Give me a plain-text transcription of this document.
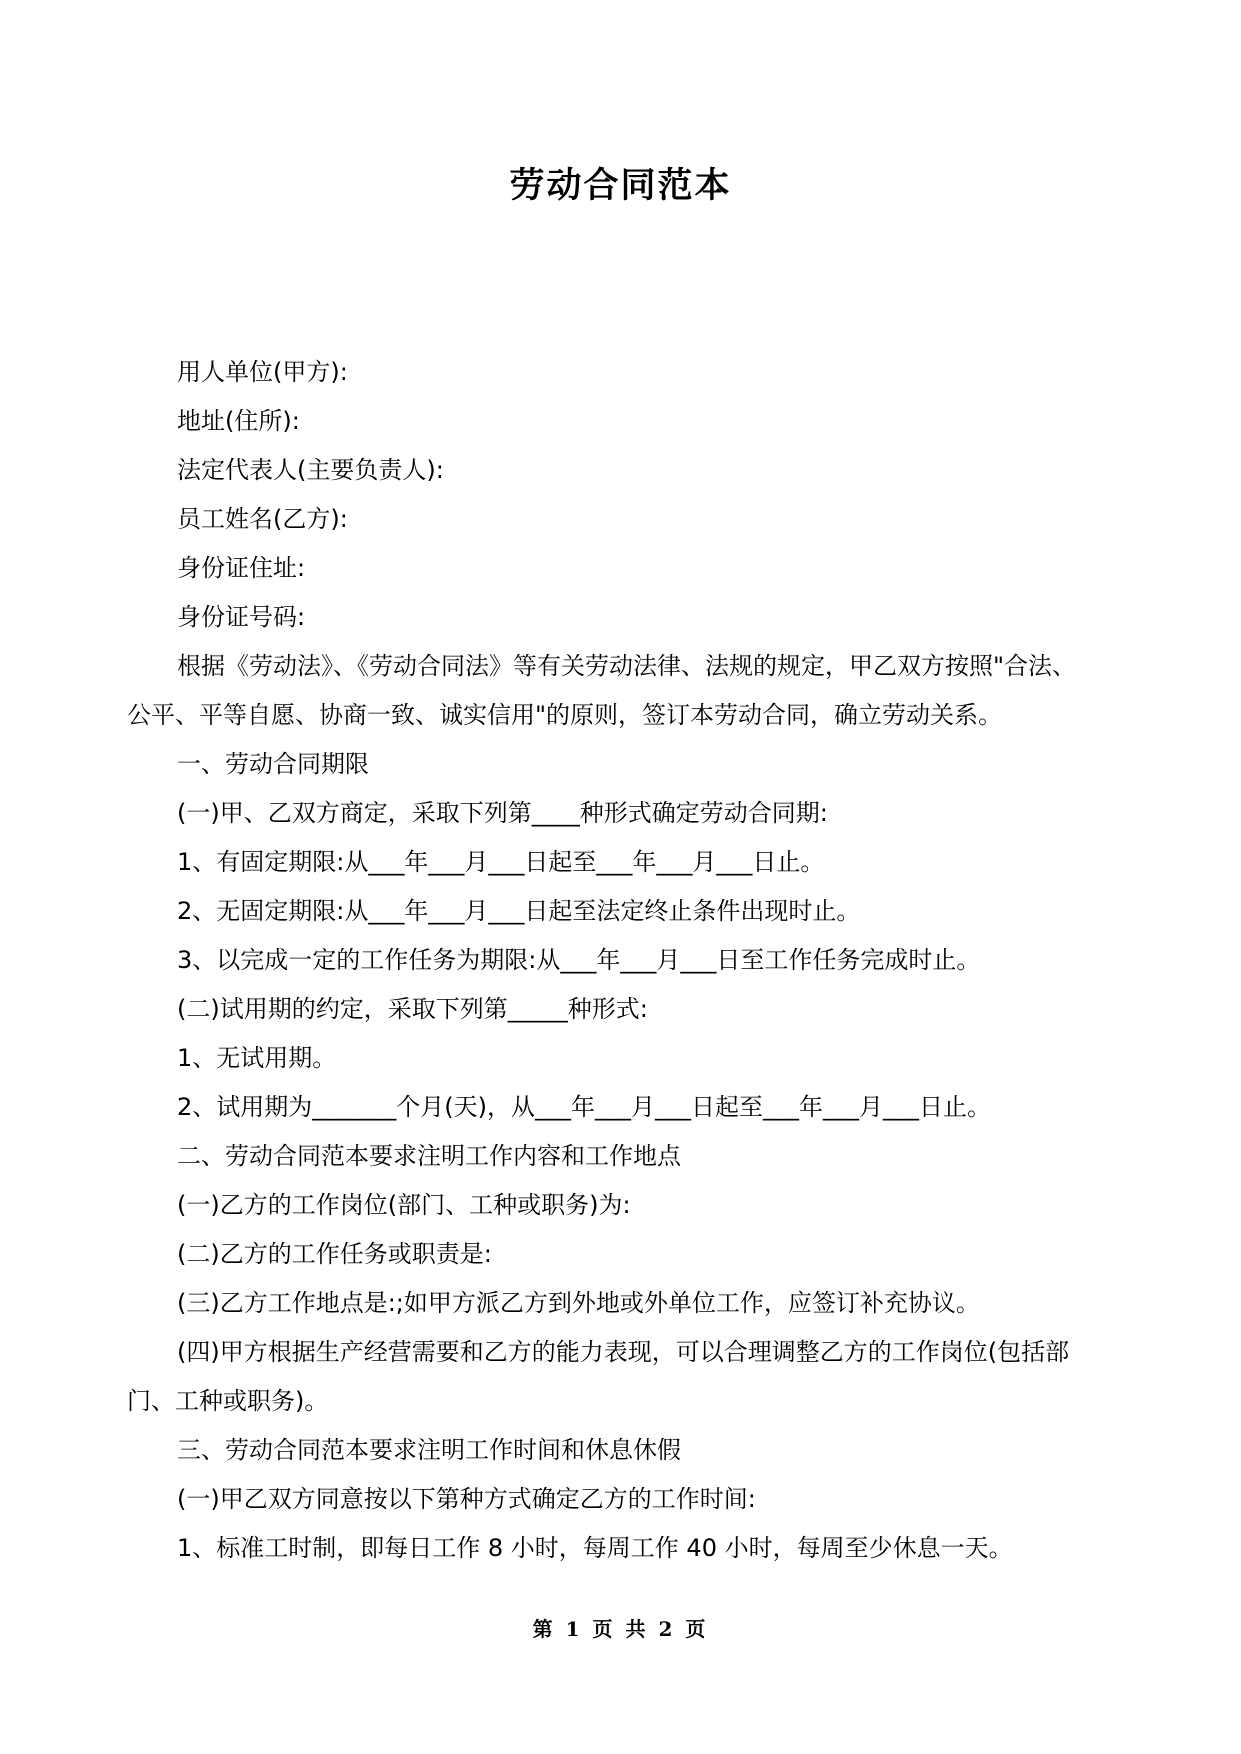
劳动合同范本

用人单位(甲方):

地址(住所):

法定代表人(主要负责人):

员工姓名(乙方):

身份证住址:

身份证号码:

根据《劳动法》、《劳动合同法》等有关劳动法律、法规的规定，甲乙双方按照"合法、公平、平等自愿、协商一致、诚实信用"的原则，签订本劳动合同，确立劳动关系。

一、劳动合同期限

(一)甲、乙双方商定，采取下列第____种形式确定劳动合同期:

1、有固定期限:从___年___月___日起至___年___月___日止。

2、无固定期限:从___年___月___日起至法定终止条件出现时止。

3、以完成一定的工作任务为期限:从___年___月___日至工作任务完成时止。

(二)试用期的约定，采取下列第_____种形式:

1、无试用期。

2、试用期为_______个月(天)，从___年___月___日起至___年___月___日止。

二、劳动合同范本要求注明工作内容和工作地点

(一)乙方的工作岗位(部门、工种或职务)为:

(二)乙方的工作任务或职责是:

(三)乙方工作地点是:;如甲方派乙方到外地或外单位工作，应签订补充协议。

(四)甲方根据生产经营需要和乙方的能力表现，可以合理调整乙方的工作岗位(包括部门、工种或职务)。

三、劳动合同范本要求注明工作时间和休息休假

(一)甲乙双方同意按以下第种方式确定乙方的工作时间:

1、标准工时制，即每日工作 8 小时，每周工作 40 小时，每周至少休息一天。

第 1 页 共 2 页
